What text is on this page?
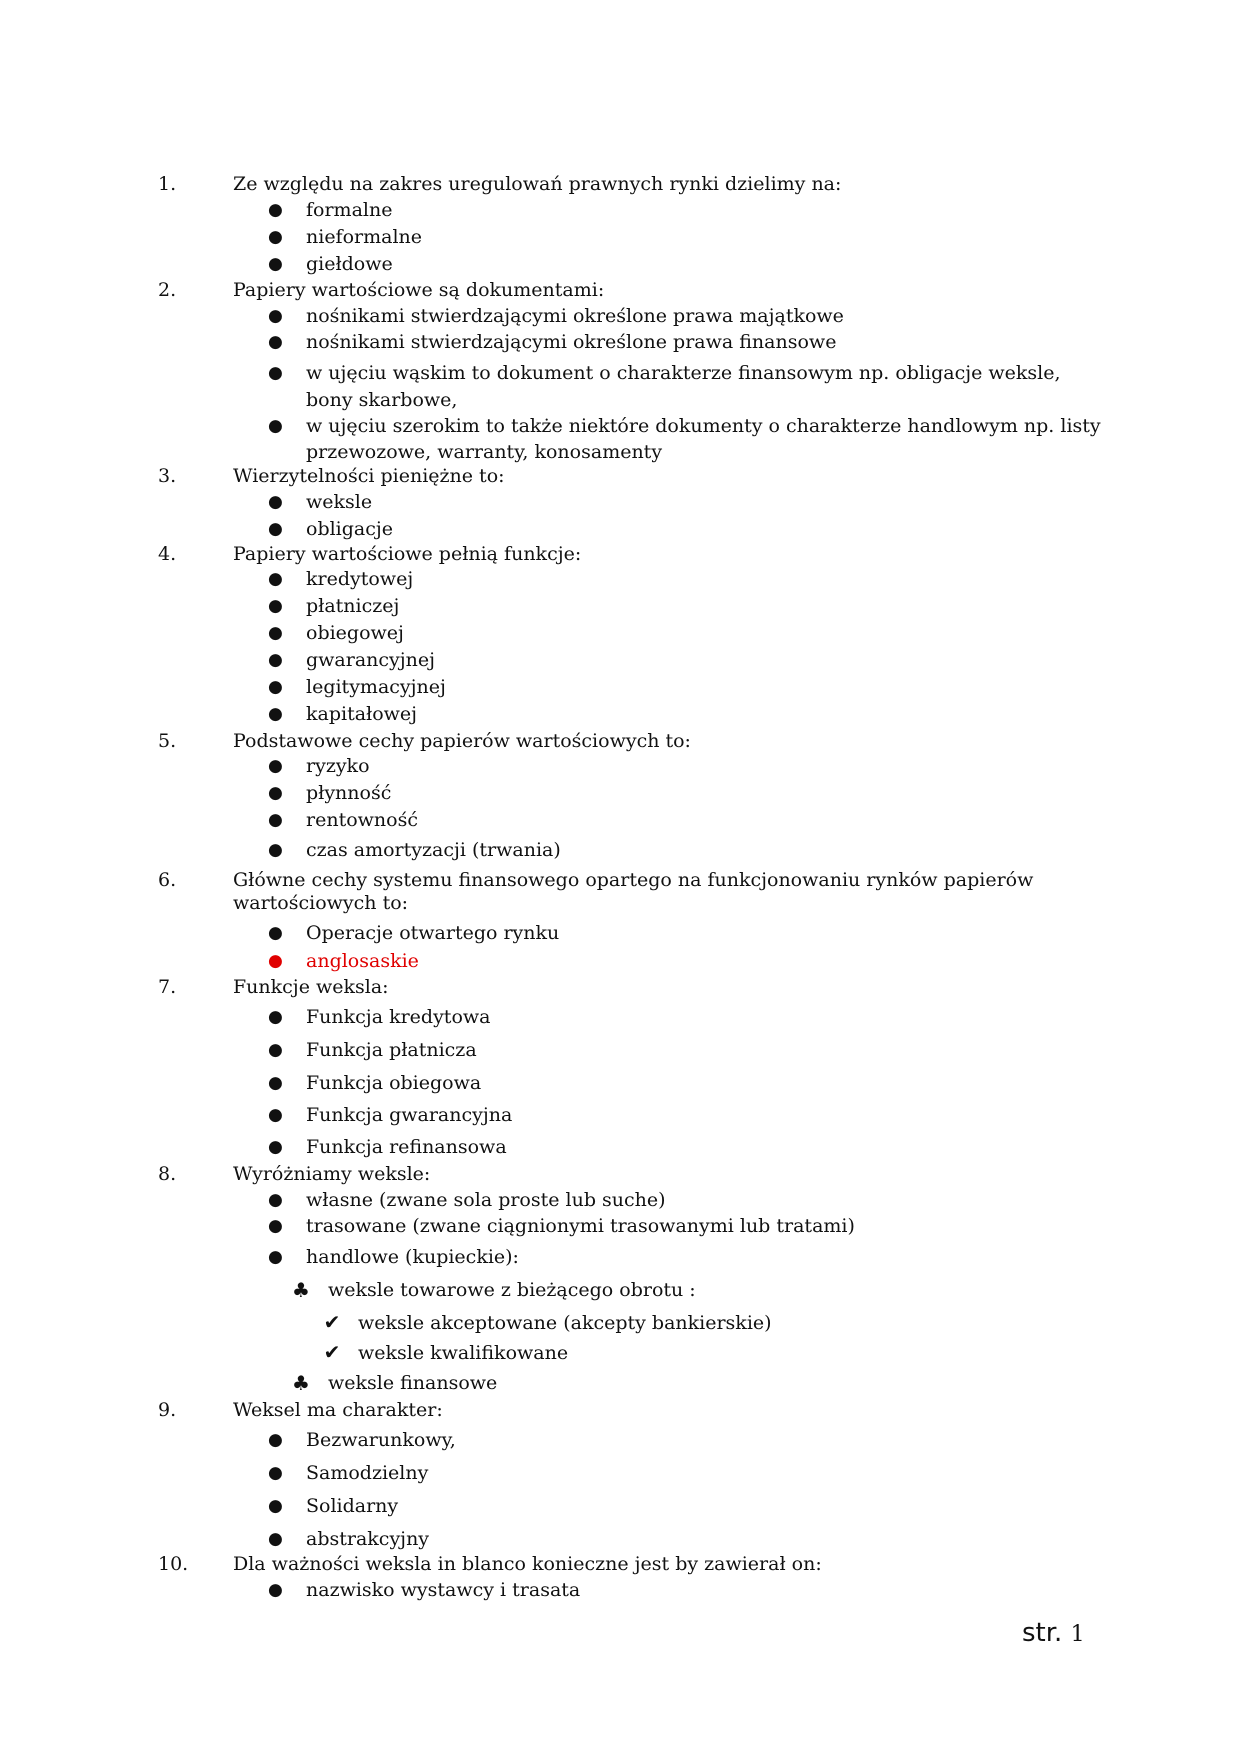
1.	Ze względu na zakres uregulowań prawnych rynki dzielimy na:
● formalne
● nieformalne
● giełdowe
2.	Papiery wartościowe są dokumentami:
● nośnikami stwierdzającymi określone prawa majątkowe
● nośnikami stwierdzającymi określone prawa finansowe
● w ujęciu wąskim to dokument o charakterze finansowym np. obligacje weksle,
bony skarbowe,
● w ujęciu szerokim to także niektóre dokumenty o charakterze handlowym np. listy
przewozowe, warranty, konosamenty
3.	Wierzytelności pieniężne to:
● weksle
● obligacje
4.	Papiery wartościowe pełnią funkcje:
● kredytowej
● płatniczej
● obiegowej
● gwarancyjnej
● legitymacyjnej
● kapitałowej
5.	Podstawowe cechy papierów wartościowych to:
● ryzyko
● płynność
● rentowność
● czas amortyzacji (trwania)
6.	Główne cechy systemu finansowego opartego na funkcjonowaniu rynków papierów
wartościowych to:
● Operacje otwartego rynku
● anglosaskie
7.	Funkcje weksla:
● Funkcja kredytowa
● Funkcja płatnicza
● Funkcja obiegowa
● Funkcja gwarancyjna
● Funkcja refinansowa
8.	Wyróżniamy weksle:
● własne (zwane sola proste lub suche)
● trasowane (zwane ciągnionymi trasowanymi lub tratami)
● handlowe (kupieckie):
♣ weksle towarowe z bieżącego obrotu :
✔ weksle akceptowane (akcepty bankierskie)
✔ weksle kwalifikowane
♣ weksle finansowe
9.	Weksel ma charakter:
● Bezwarunkowy,
● Samodzielny
● Solidarny
● abstrakcyjny
10.	Dla ważności weksla in blanco konieczne jest by zawierał on:
● nazwisko wystawcy i trasata
str. 1
